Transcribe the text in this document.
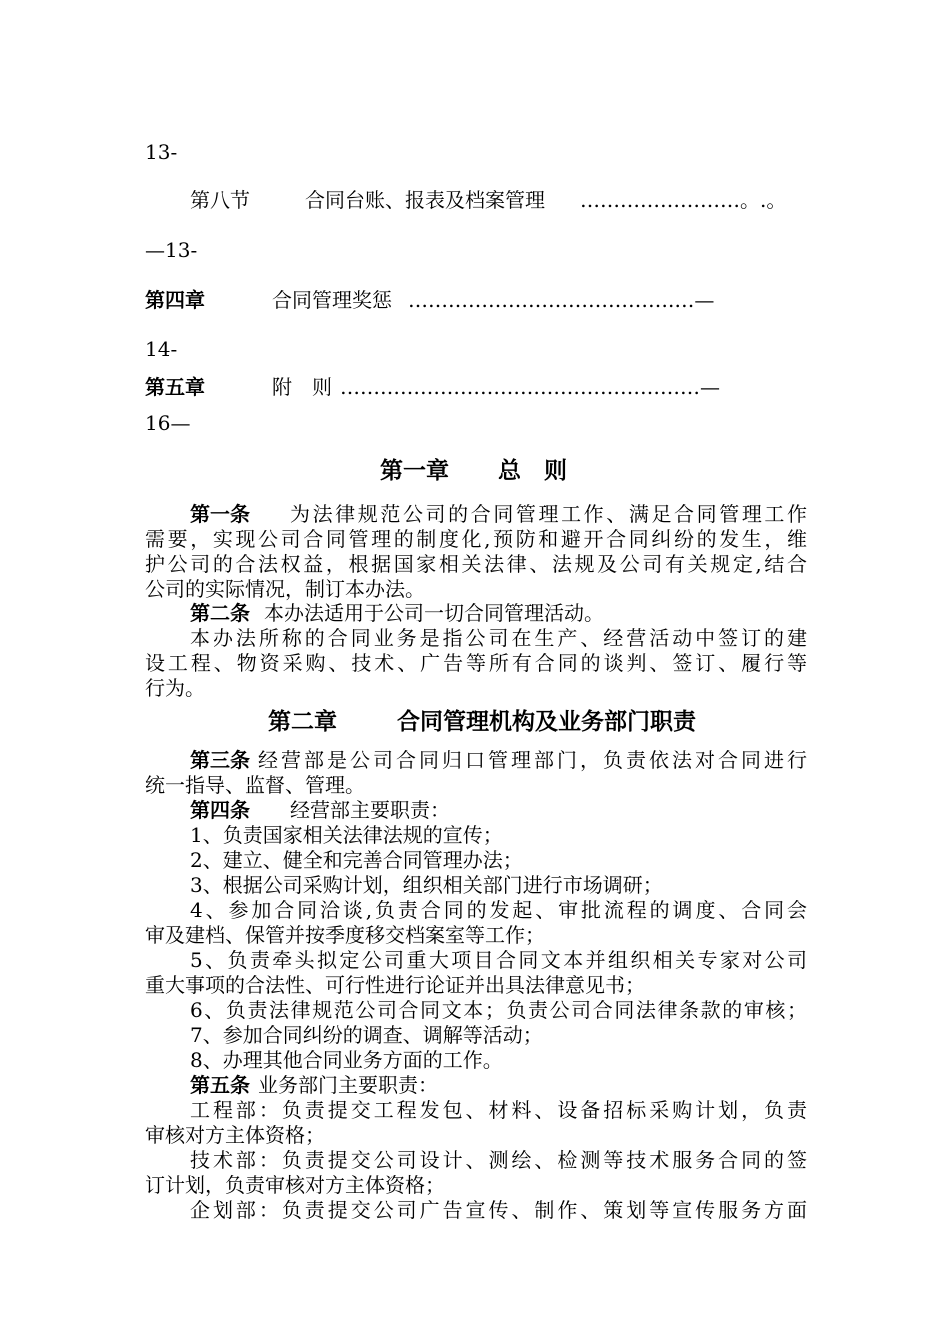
13-
第八节	合同台账、报表及档案管理 ……………………。.。
—13-
第四章	合同管理奖惩 ………………………………….…—
14-
第五章	附　则 ………………………………………………—
16—
第一章 总　则
第一条 为法律规范公司的合同管理工作、满足合同管理工作
需要，实现公司合同管理的制度化,预防和避开合同纠纷的发生，维
护公司的合法权益，根据国家相关法律、法规及公司有关规定,结合
公司的实际情况，制订本办法。
第二条 本办法适用于公司一切合同管理活动。
本办法所称的合同业务是指公司在生产、经营活动中签订的建
设工程、物资采购、技术、广告等所有合同的谈判、签订、履行等
行为。
第二章	合同管理机构及业务部门职责
第三条 经营部是公司合同归口管理部门，负责依法对合同进行
统一指导、监督、管理。
第四条 经营部主要职责：
1、负责国家相关法律法规的宣传；
2、建立、健全和完善合同管理办法；
3、根据公司采购计划，组织相关部门进行市场调研；
4、参加合同洽谈,负责合同的发起、审批流程的调度、合同会
审及建档、保管并按季度移交档案室等工作；
5、负责牵头拟定公司重大项目合同文本并组织相关专家对公司
重大事项的合法性、可行性进行论证并出具法律意见书；
6、负责法律规范公司合同文本；负责公司合同法律条款的审核；
7、参加合同纠纷的调查、调解等活动；
8、办理其他合同业务方面的工作。
第五条 业务部门主要职责：
工程部：负责提交工程发包、材料、设备招标采购计划，负责
审核对方主体资格；
技术部：负责提交公司设计、测绘、检测等技术服务合同的签
订计划，负责审核对方主体资格；
企划部：负责提交公司广告宣传、制作、策划等宣传服务方面
